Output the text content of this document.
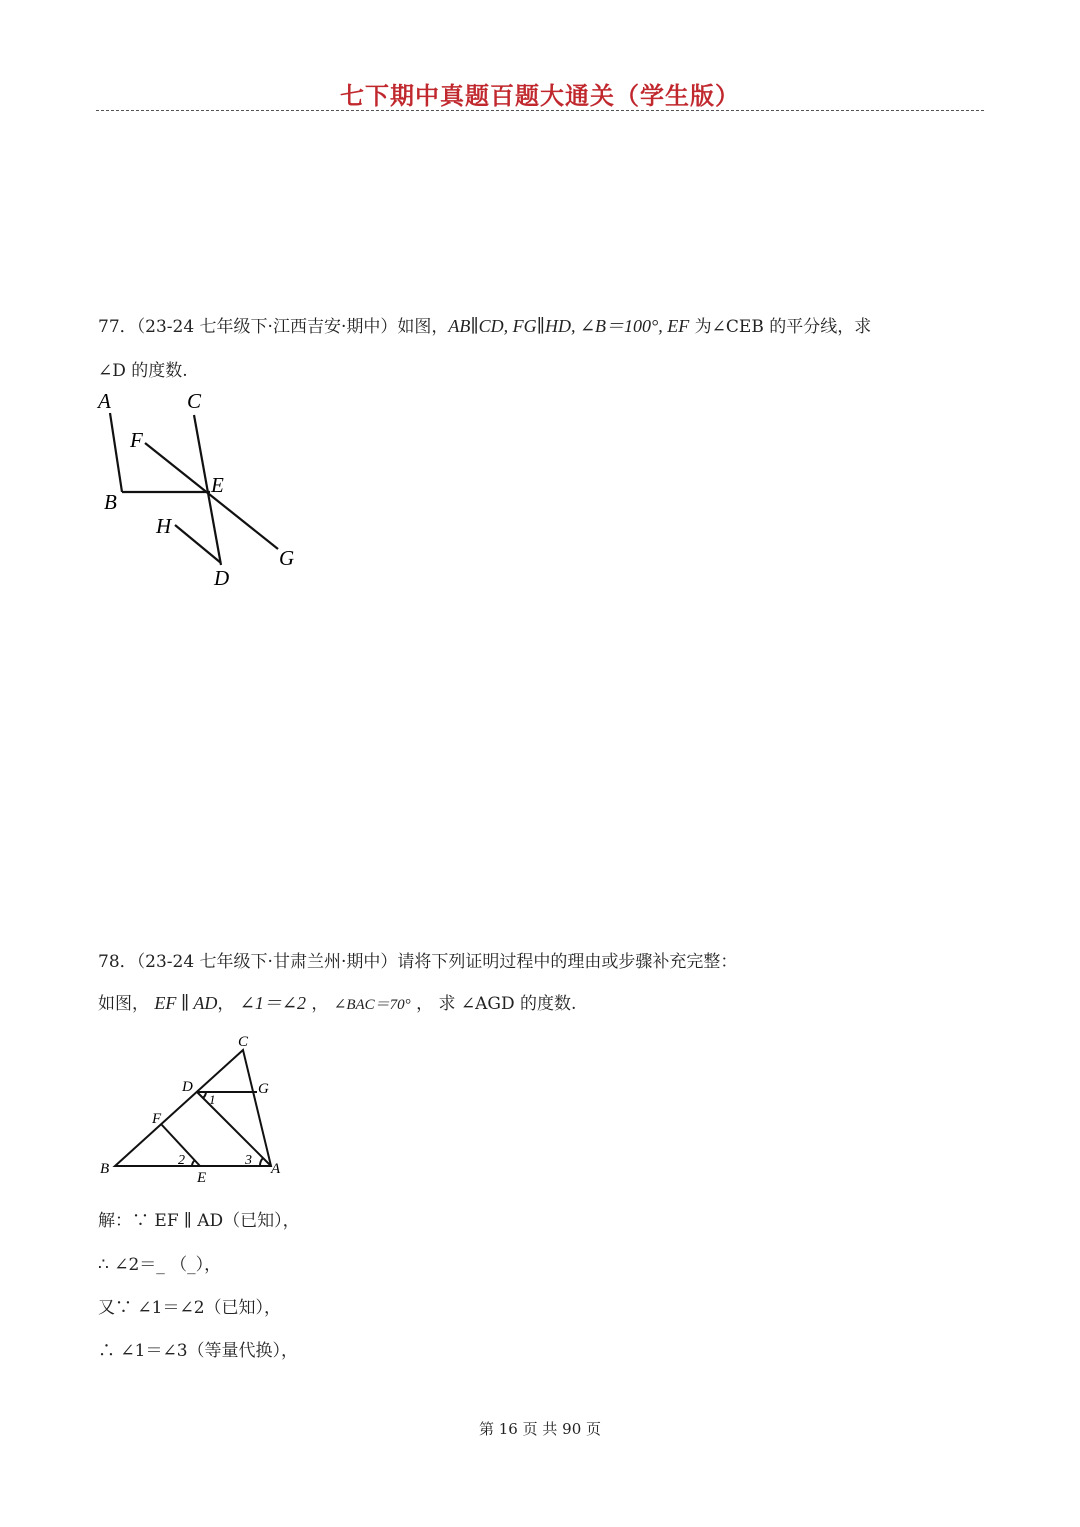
七下期中真题百题大通关（学生版）
77．（23-24 七年级下·江西吉安·期中）如图，AB∥CD, FG∥HD, ∠B＝100°, EF 为∠CEB 的平分线，求
∠D 的度数.
A	C
F
B
E
H
G
D
78．（23-24 七年级下·甘肃兰州·期中）请将下列证明过程中的理由或步骤补充完整：
如图， EF ∥ AD， ∠1＝∠2 ， ∠BAC＝70° ， 求 ∠AGD 的度数.
C
D	G
F
B
E
A
1
2	3
解：∵ EF ∥ AD（已知），
∴ ∠2＝_ （_），
又∵ ∠1＝∠2（已知），
∴ ∠1＝∠3（等量代换），
第 16 页 共 90 页
